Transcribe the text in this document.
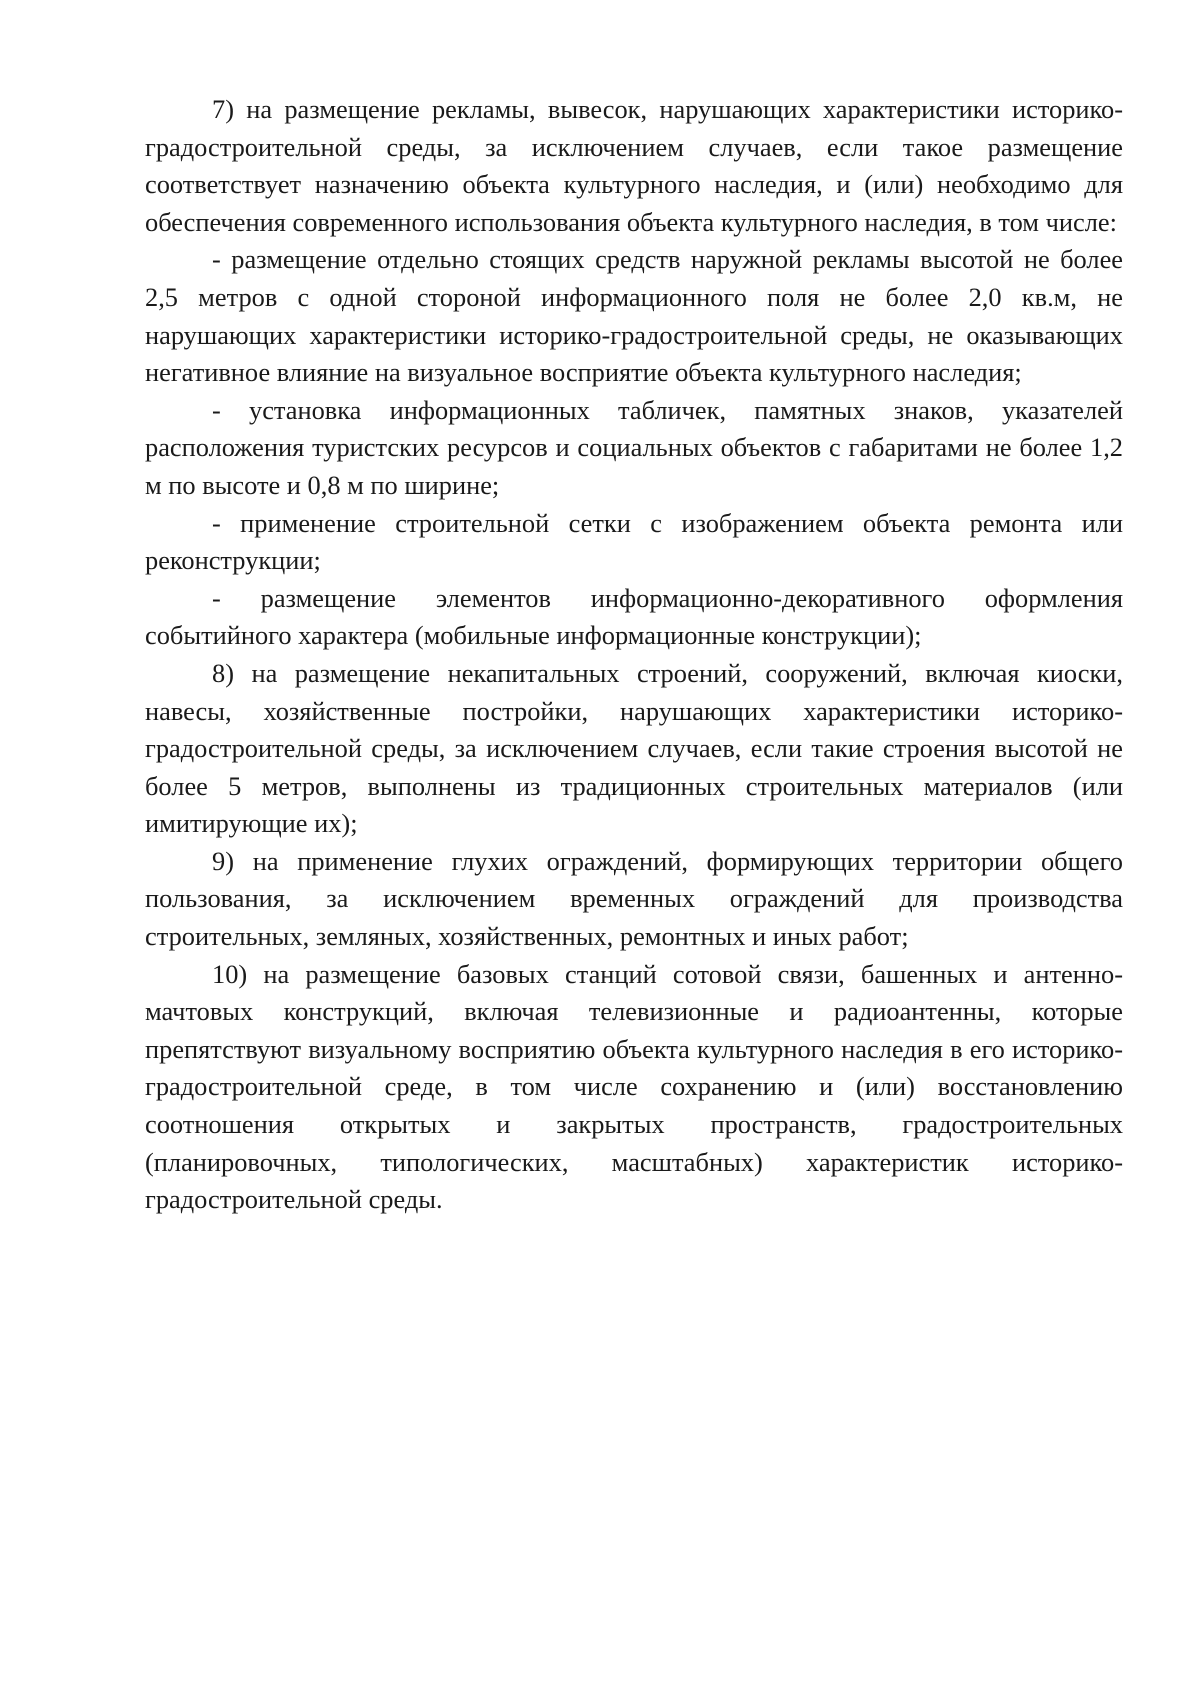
7) на размещение рекламы, вывесок, нарушающих характеристики историко-градостроительной среды, за исключением случаев, если такое размещение соответствует назначению объекта культурного наследия, и (или) необходимо для обеспечения современного использования объекта культурного наследия, в том числе:

- размещение отдельно стоящих средств наружной рекламы высотой не более 2,5 метров с одной стороной информационного поля не более 2,0 кв.м, не нарушающих характеристики историко-градостроительной среды, не оказывающих негативное влияние на визуальное восприятие объекта культурного наследия;

- установка информационных табличек, памятных знаков, указателей расположения туристских ресурсов и социальных объектов с габаритами не более 1,2 м по высоте и 0,8 м по ширине;

- применение строительной сетки с изображением объекта ремонта или реконструкции;

- размещение элементов информационно-декоративного оформления событийного характера (мобильные информационные конструкции);

8) на размещение некапитальных строений, сооружений, включая киоски, навесы, хозяйственные постройки, нарушающих характеристики историко-градостроительной среды, за исключением случаев, если такие строения высотой не более 5 метров, выполнены из традиционных строительных материалов (или имитирующие их);

9) на применение глухих ограждений, формирующих территории общего пользования, за исключением временных ограждений для производства строительных, земляных, хозяйственных, ремонтных и иных работ;

10) на размещение базовых станций сотовой связи, башенных и антенно-мачтовых конструкций, включая телевизионные и радиоантенны, которые препятствуют визуальному восприятию объекта культурного наследия в его историко-градостроительной среде, в том числе сохранению и (или) восстановлению соотношения открытых и закрытых пространств, градостроительных (планировочных, типологических, масштабных) характеристик историко-градостроительной среды.
